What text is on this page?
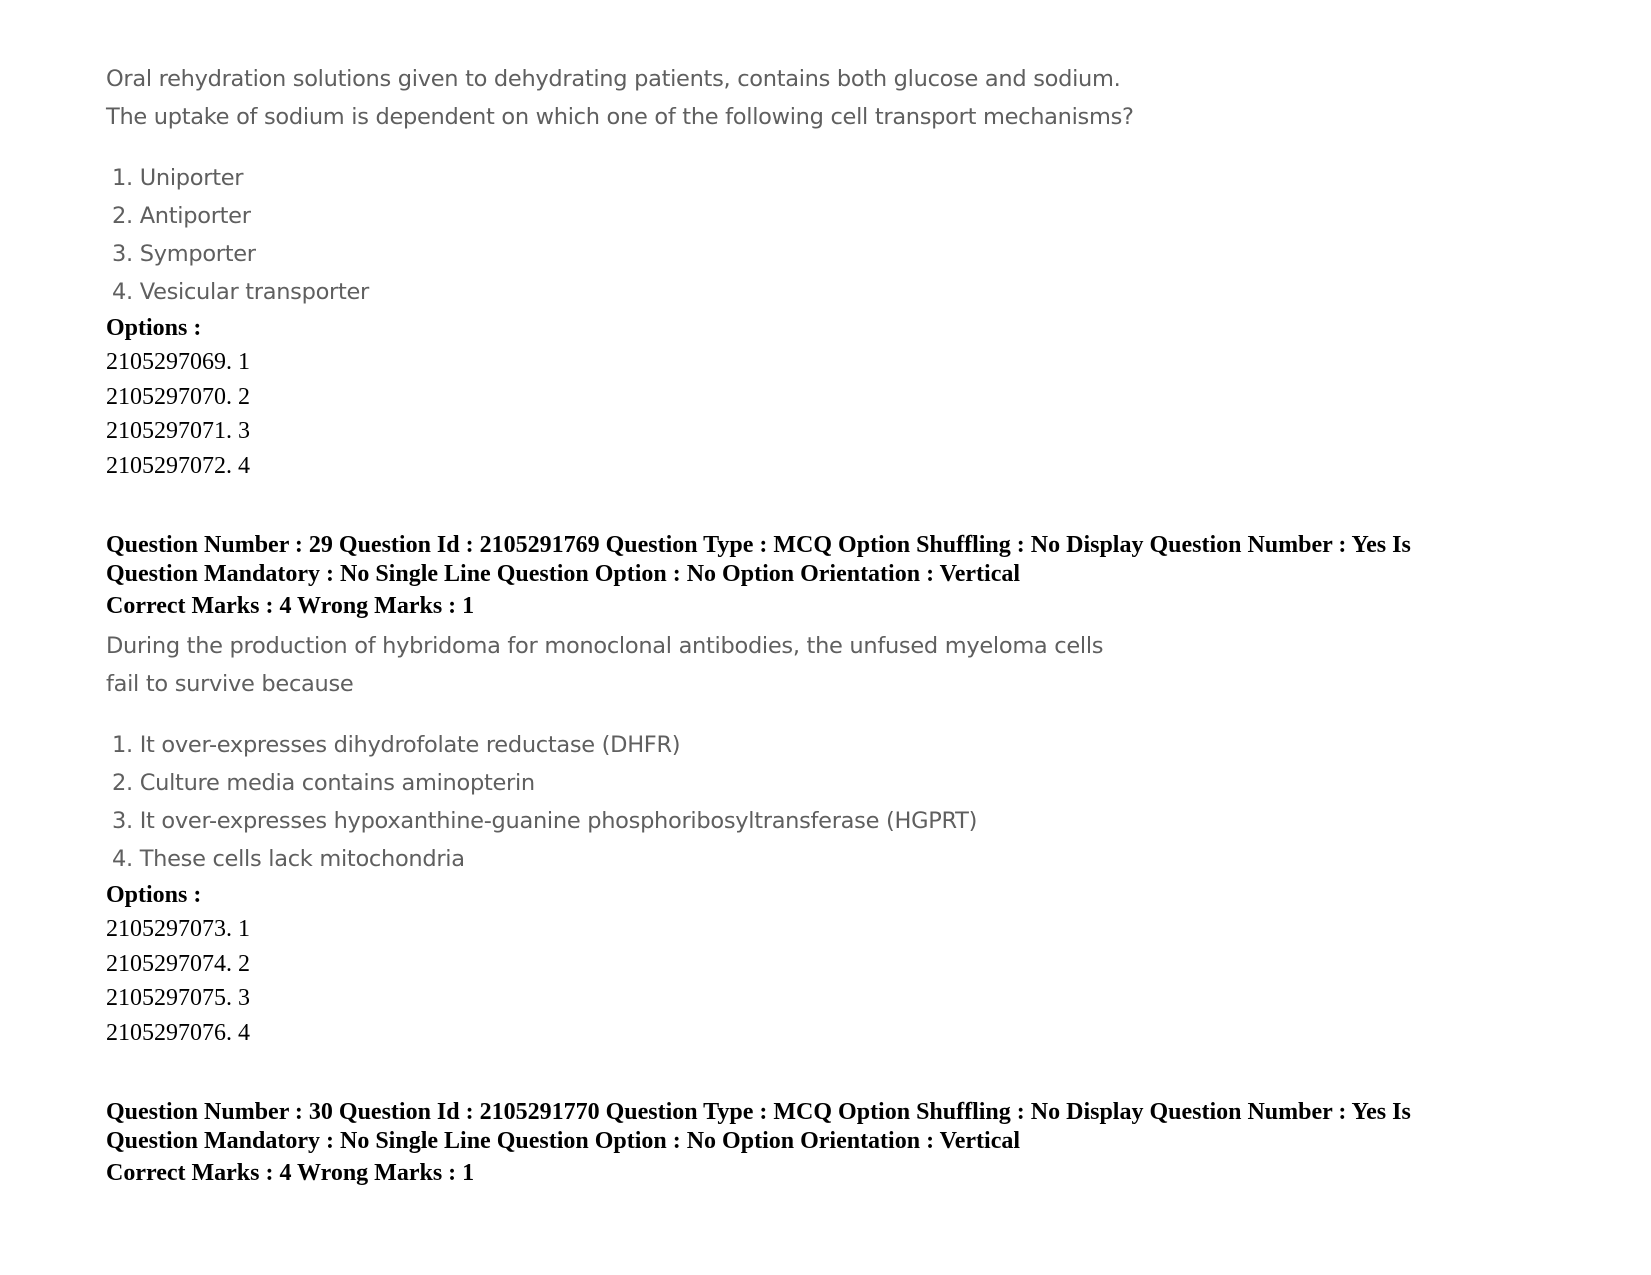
Oral rehydration solutions given to dehydrating patients, contains both glucose and sodium.
The uptake of sodium is dependent on which one of the following cell transport mechanisms?
1. Uniporter
2. Antiporter
3. Symporter
4. Vesicular transporter
Options :
2105297069. 1
2105297070. 2
2105297071. 3
2105297072. 4
Question Number : 29 Question Id : 2105291769 Question Type : MCQ Option Shuffling : No Display Question Number : Yes Is
Question Mandatory : No Single Line Question Option : No Option Orientation : Vertical
Correct Marks : 4 Wrong Marks : 1
During the production of hybridoma for monoclonal antibodies, the unfused myeloma cells
fail to survive because
1. It over-expresses dihydrofolate reductase (DHFR)
2. Culture media contains aminopterin
3. It over-expresses hypoxanthine-guanine phosphoribosyltransferase (HGPRT)
4. These cells lack mitochondria
Options :
2105297073. 1
2105297074. 2
2105297075. 3
2105297076. 4
Question Number : 30 Question Id : 2105291770 Question Type : MCQ Option Shuffling : No Display Question Number : Yes Is
Question Mandatory : No Single Line Question Option : No Option Orientation : Vertical
Correct Marks : 4 Wrong Marks : 1
